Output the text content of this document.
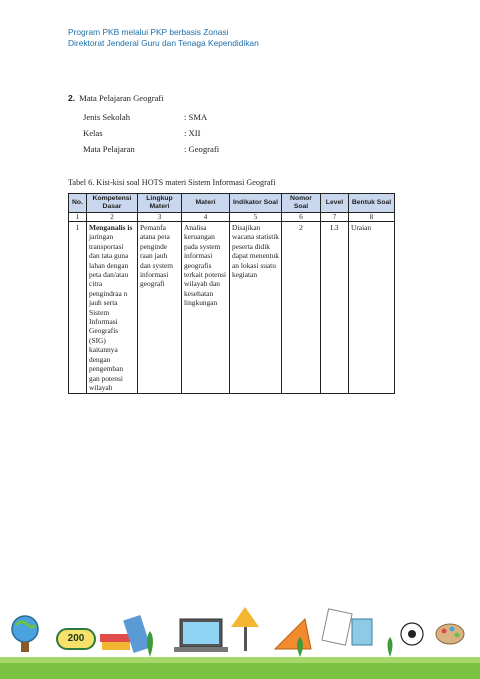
Program PKB melalui PKP berbasis Zonasi
Direktorat Jenderal Guru dan Tenaga Kependidikan
2. Mata Pelajaran Geografi
Jenis Sekolah	: SMA
Kelas	: XII
Mata Pelajaran	: Geografi
Tabel 6. Kisi-kisi soal HOTS materi Sistem Informasi Geografi
No.	Kompetensi Dasar	Lingkup Materi	Materi	Indikator Soal	Nomor Soal	Level	Bentuk Soal
1	2	3	4	5	6	7	8
1	Menganalis is jaringan transportasi dan tata guna lahan dengan peta dan/atau citra pengindraa n jauh serta Sistem Informasi Geografis (SIG) kaitannya dengan pengemban gan potensi wilayah	Pemanfa atana peta penginde raan jauh dan system informasi geografi	Analisa keruangan pada system informasi geografis terkait potensi wilayah dan kesehatan lingkungan	Disajikan wacana statistik peserta didik dapat menentuk an lokasi suatu kegiatan	2	L3	Uraian
200
